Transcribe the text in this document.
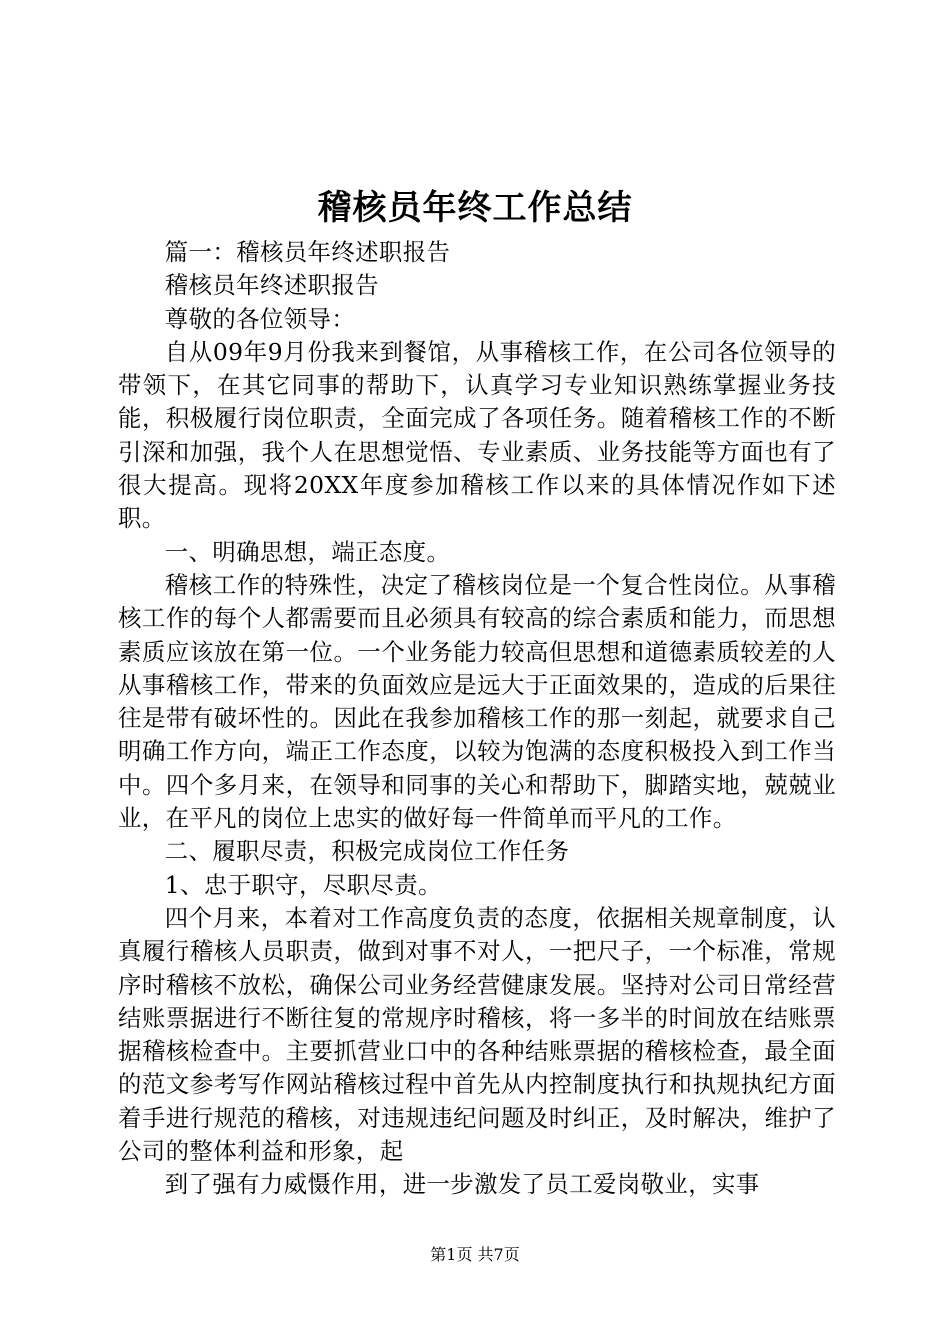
稽核员年终工作总结

篇一：稽核员年终述职报告

稽核员年终述职报告

尊敬的各位领导：

自从09年9月份我来到餐馆，从事稽核工作，在公司各位领导的带领下，在其它同事的帮助下，认真学习专业知识熟练掌握业务技能，积极履行岗位职责，全面完成了各项任务。随着稽核工作的不断引深和加强，我个人在思想觉悟、专业素质、业务技能等方面也有了很大提高。现将20XX年度参加稽核工作以来的具体情况作如下述职。

一、明确思想，端正态度。

稽核工作的特殊性，决定了稽核岗位是一个复合性岗位。从事稽核工作的每个人都需要而且必须具有较高的综合素质和能力，而思想素质应该放在第一位。一个业务能力较高但思想和道德素质较差的人从事稽核工作，带来的负面效应是远大于正面效果的，造成的后果往往是带有破坏性的。因此在我参加稽核工作的那一刻起，就要求自己明确工作方向，端正工作态度，以较为饱满的态度积极投入到工作当中。四个多月来，在领导和同事的关心和帮助下，脚踏实地，兢兢业业，在平凡的岗位上忠实的做好每一件简单而平凡的工作。

二、履职尽责，积极完成岗位工作任务

1、忠于职守，尽职尽责。

四个月来，本着对工作高度负责的态度，依据相关规章制度，认真履行稽核人员职责，做到对事不对人，一把尺子，一个标准，常规序时稽核不放松，确保公司业务经营健康发展。坚持对公司日常经营结账票据进行不断往复的常规序时稽核，将一多半的时间放在结账票据稽核检查中。主要抓营业口中的各种结账票据的稽核检查，最全面的范文参考写作网站稽核过程中首先从内控制度执行和执规执纪方面着手进行规范的稽核，对违规违纪问题及时纠正，及时解决，维护了公司的整体利益和形象，起

到了强有力威慑作用，进一步激发了员工爱岗敬业，实事

第1页 共7页
